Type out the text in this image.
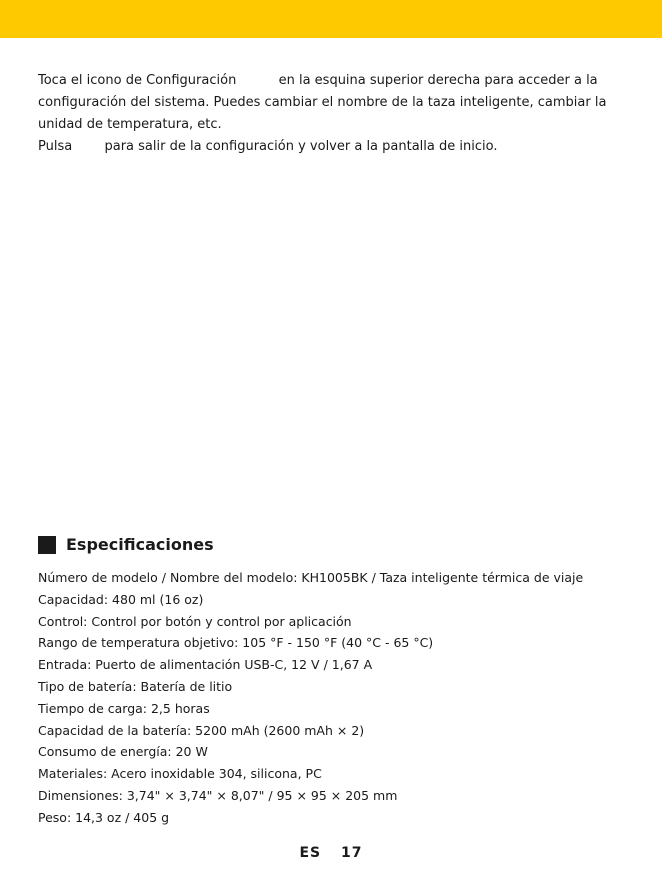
Toca el icono de Configuración	en la esquina superior derecha para acceder a la configuración del sistema. Puedes cambiar el nombre de la taza inteligente, cambiar la unidad de temperatura, etc.

Pulsa para salir de la configuración y volver a la pantalla de inicio.

Especificaciones
Número de modelo / Nombre del modelo: KH1005BK / Taza inteligente térmica de viaje
Capacidad: 480 ml (16 oz)
Control: Control por botón y control por aplicación
Rango de temperatura objetivo: 105 °F - 150 °F (40 °C - 65 °C)
Entrada: Puerto de alimentación USB-C, 12 V / 1,67 A
Tipo de batería: Batería de litio
Tiempo de carga: 2,5 horas
Capacidad de la batería: 5200 mAh (2600 mAh × 2)
Consumo de energía: 20 W
Materiales: Acero inoxidable 304, silicona, PC
Dimensiones: 3,74" × 3,74" × 8,07" / 95 × 95 × 205 mm
Peso: 14,3 oz / 405 g
ES 17
